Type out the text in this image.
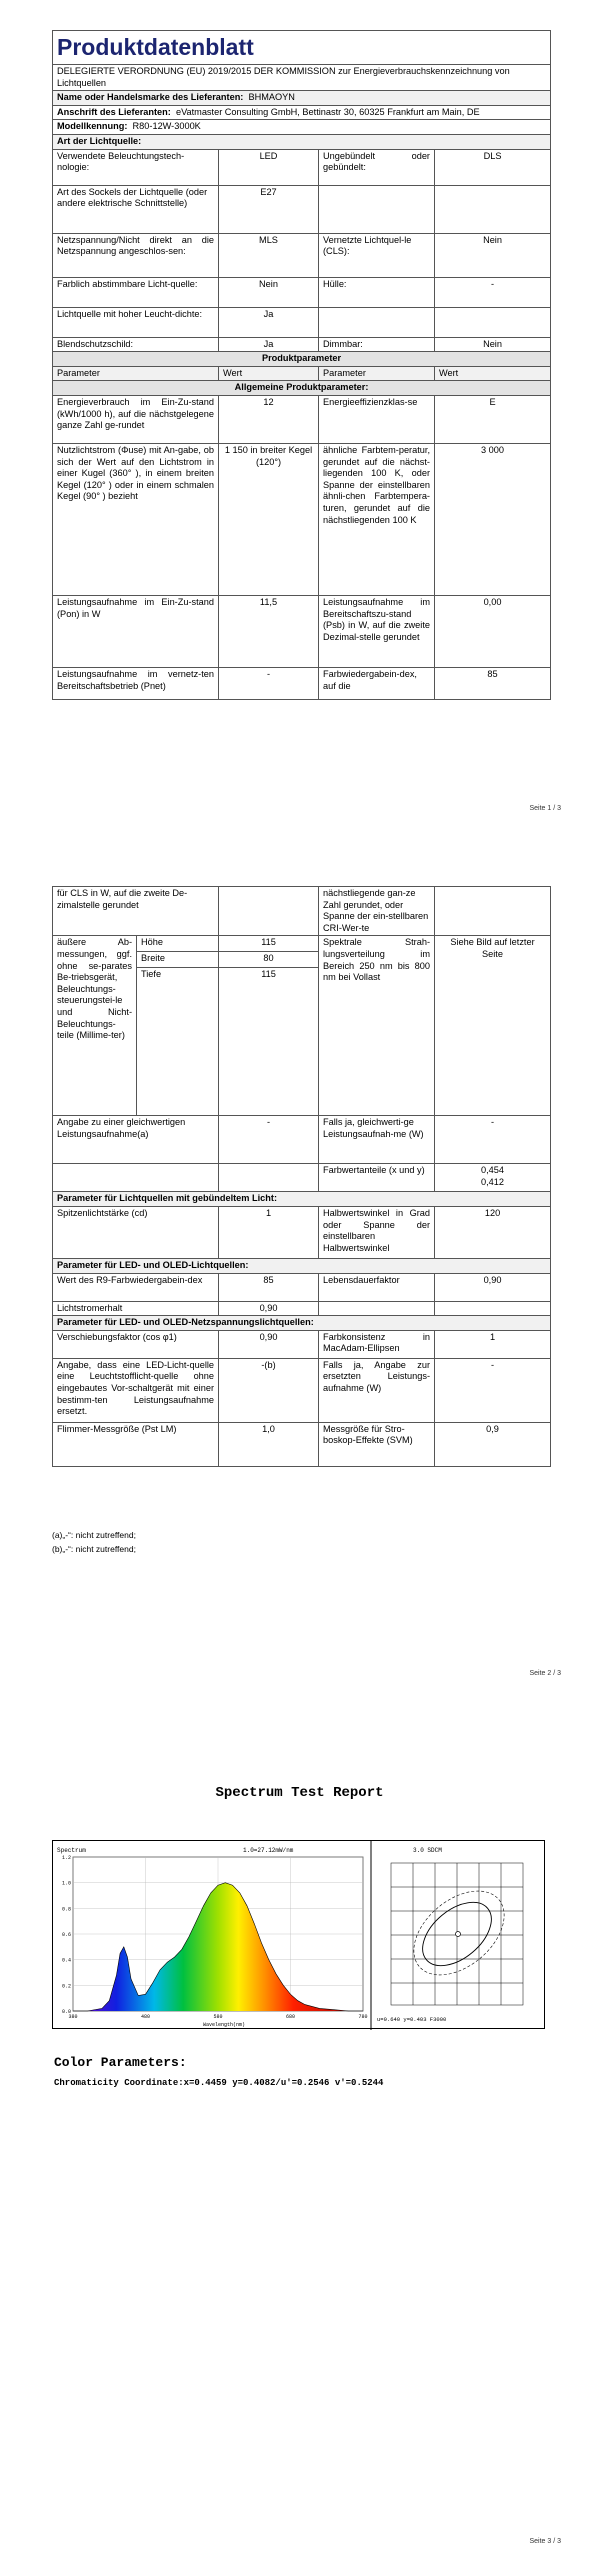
Produktdatenblatt			
DELEGIERTE VERORDNUNG (EU) 2019/2015 DER KOMMISSION zur Energieverbrauchskennzeichnung von Lichtquellen			
Name oder Handelsmarke des Lieferanten: BHMAOYN			
Anschrift des Lieferanten: eVatmaster Consulting GmbH, Bettinastr 30, 60325 Frankfurt am Main, DE			
Modellkennung: R80-12W-3000K			
Art der Lichtquelle:			
Verwendete Beleuchtungstech-nologie:	LED	Ungebündelt oder gebündelt:	DLS
Art des Sockels der Lichtquelle (oder andere elektrische Schnittstelle)	E27		
Netzspannung/Nicht direkt an die Netzspannung angeschlos-sen:	MLS	Vernetzte Lichtquel-le (CLS):	Nein
Farblich abstimmbare Licht-quelle:	Nein	Hülle:	-
Lichtquelle mit hoher Leucht-dichte:	Ja		
Blendschutzschild:	Ja	Dimmbar:	Nein
Produktparameter			
Parameter	Wert	Parameter	Wert
Allgemeine Produktparameter:			
Energieverbrauch im Ein-Zu-stand (kWh/1000 h), auf die nächstgelegene ganze Zahl ge-rundet	12	Energieeffizienzklas-se	E
Nutzlichtstrom (Φuse) mit An-gabe, ob sich der Wert auf den Lichtstrom in einer Kugel (360° ), in einem breiten Kegel (120° ) oder in einem schmalen Kegel (90° ) bezieht	1 150 in breiter Kegel (120°)	ähnliche Farbtem-peratur, gerundet auf die nächst-liegenden 100 K, oder Spanne der einstellbaren ähnli-chen Farbtempera-turen, gerundet auf die nächstliegenden 100 K	3 000
Leistungsaufnahme im Ein-Zu-stand (Pon) in W	11,5	Leistungsaufnahme im Bereitschaftszu-stand (Psb) in W, auf die zweite Dezimal-stelle gerundet	0,00
Leistungsaufnahme im vernetz-ten Bereitschaftsbetrieb (Pnet)	-	Farbwiedergabein-dex, auf die	85
Seite 1 / 3
für CLS in W, auf die zweite De-zimalstelle gerundet			nächstliegende gan-ze Zahl gerundet, oder Spanne der ein-stellbaren CRI-Wer-te	
äußere Ab-messungen, ggf. ohne se-parates Be-triebsgerät, Beleuchtungs-steuerungstei-le und Nicht-Beleuchtungs-teile (Millime-ter)	Höhe	115	Spektrale Strah-lungsverteilung im Bereich 250 nm bis 800 nm bei Vollast	Siehe Bild auf letzter Seite
	Breite	80		
	Tiefe	115		
Angabe zu einer gleichwertigen Leistungsaufnahme(a)		-	Falls ja, gleichwerti-ge Leistungsaufnah-me (W)	-
			Farbwertanteile (x und y)	0,454
0,412

Parameter für Lichtquellen mit gebündeltem Licht:				
Spitzenlichtstärke (cd)		1	Halbwertswinkel in Grad oder Spanne der einstellbaren Halbwertswinkel	120
Parameter für LED- und OLED-Lichtquellen:				
Wert des R9-Farbwiedergabein-dex		85	Lebensdauerfaktor	0,90
Lichtstromerhalt		0,90		
Parameter für LED- und OLED-Netzspannungslichtquellen:				
Verschiebungsfaktor (cos φ1)		0,90	Farbkonsistenz in MacAdam-Ellipsen	1
Angabe, dass eine LED-Licht-quelle eine Leuchtstofflicht-quelle ohne eingebautes Vor-schaltgerät mit einer bestimm-ten Leistungsaufnahme ersetzt.		-(b)	Falls ja, Angabe zur ersetzten Leistungs-aufnahme (W)	-
Flimmer-Messgröße (Pst LM)		1,0	Messgröße für Stro-boskop-Effekte (SVM)	0,9
(a)„-“: nicht zutreffend;
(b)„-“: nicht zutreffend;
Seite 2 / 3
Spectrum Test Report
0.0
0.2
0.4
0.6
0.8
1.0
1.2
380	480	580	680	780
Spectrum	1.0=27.12mW/nm
Wavelength(nm)
3.0 SDCM
u=0.640 y=0.403 F3000
Color Parameters:
Chromaticity Coordinate:x=0.4459 y=0.4082/u'=0.2546 v'=0.5244
Seite 3 / 3
